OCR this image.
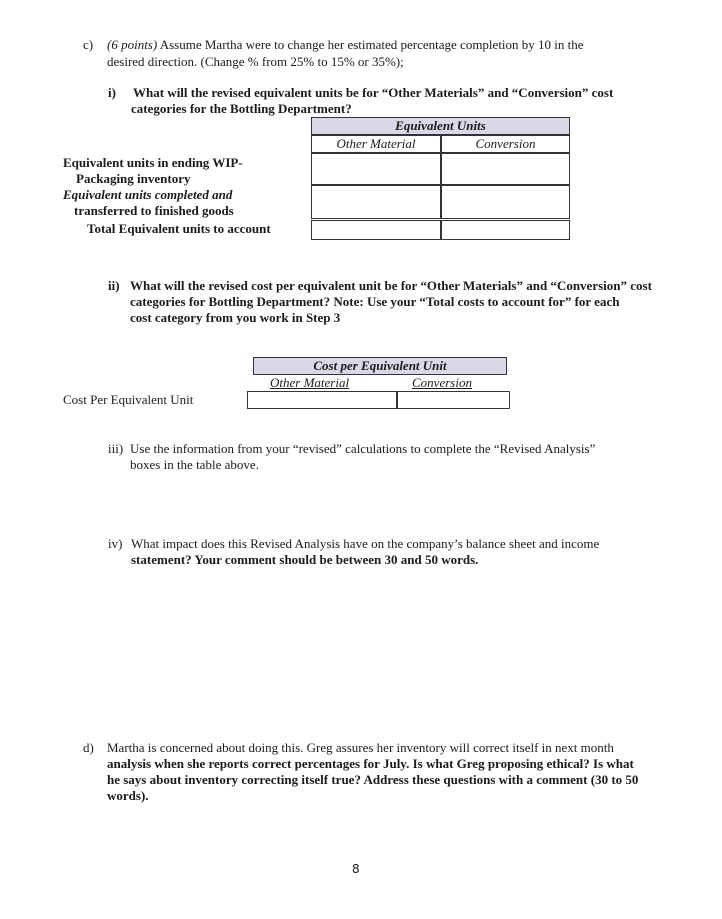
c) (6 points) Assume Martha were to change her estimated percentage completion by 10 in the
desired direction. (Change % from 25% to 15% or 35%);
i) What will the revised equivalent units be for “Other Materials” and “Conversion” cost
categories for the Bottling Department?
Equivalent Units
Other Material	Conversion
Equivalent units in ending WIP-
Packaging inventory
Equivalent units completed and
transferred to finished goods
Total Equivalent units to account
ii) What will the revised cost per equivalent unit be for “Other Materials” and “Conversion” cost
categories for Bottling Department? Note: Use your “Total costs to account for” for each
cost category from you work in Step 3
Cost per Equivalent Unit
Other Material	Conversion
Cost Per Equivalent Unit
iii) Use the information from your “revised” calculations to complete the “Revised Analysis”
boxes in the table above.
iv) What impact does this Revised Analysis have on the company’s balance sheet and income
statement? Your comment should be between 30 and 50 words.
d) Martha is concerned about doing this. Greg assures her inventory will correct itself in next month
analysis when she reports correct percentages for July. Is what Greg proposing ethical? Is what
he says about inventory correcting itself true? Address these questions with a comment (30 to 50
words).
8
